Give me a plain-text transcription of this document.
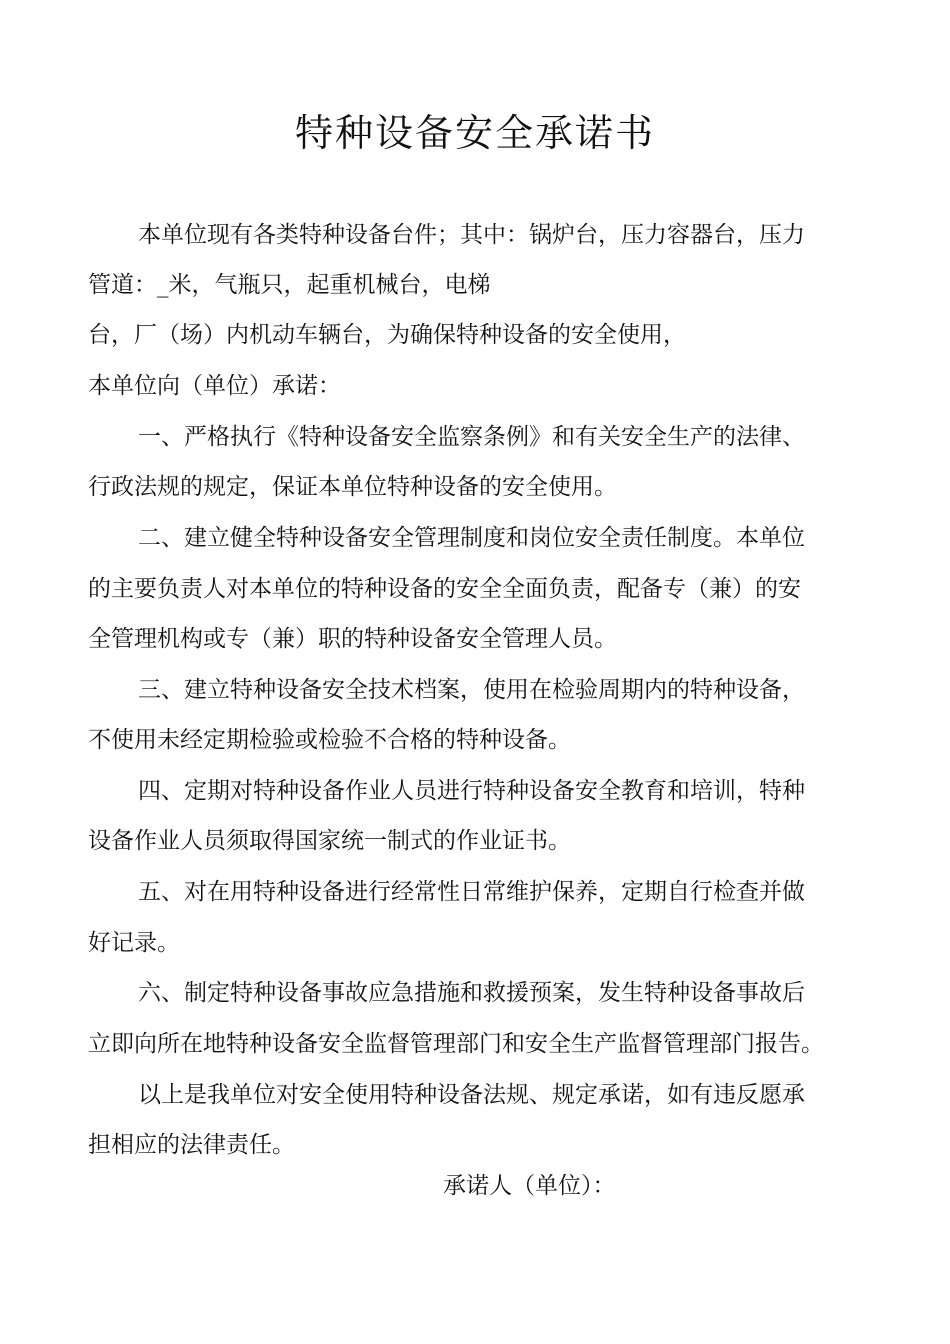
特种设备安全承诺书
本单位现有各类特种设备台件；其中：锅炉台，压力容器台，压力
管道：_米，气瓶只，起重机械台，电梯
台，厂（场）内机动车辆台，为确保特种设备的安全使用，
本单位向（单位）承诺：
一、严格执行《特种设备安全监察条例》和有关安全生产的法律、
行政法规的规定，保证本单位特种设备的安全使用。
二、建立健全特种设备安全管理制度和岗位安全责任制度。本单位
的主要负责人对本单位的特种设备的安全全面负责，配备专（兼）的安
全管理机构或专（兼）职的特种设备安全管理人员。
三、建立特种设备安全技术档案，使用在检验周期内的特种设备，
不使用未经定期检验或检验不合格的特种设备。
四、定期对特种设备作业人员进行特种设备安全教育和培训，特种
设备作业人员须取得国家统一制式的作业证书。
五、对在用特种设备进行经常性日常维护保养，定期自行检查并做
好记录。
六、制定特种设备事故应急措施和救援预案，发生特种设备事故后
立即向所在地特种设备安全监督管理部门和安全生产监督管理部门报告。
以上是我单位对安全使用特种设备法规、规定承诺，如有违反愿承
担相应的法律责任。
承诺人（单位）：
